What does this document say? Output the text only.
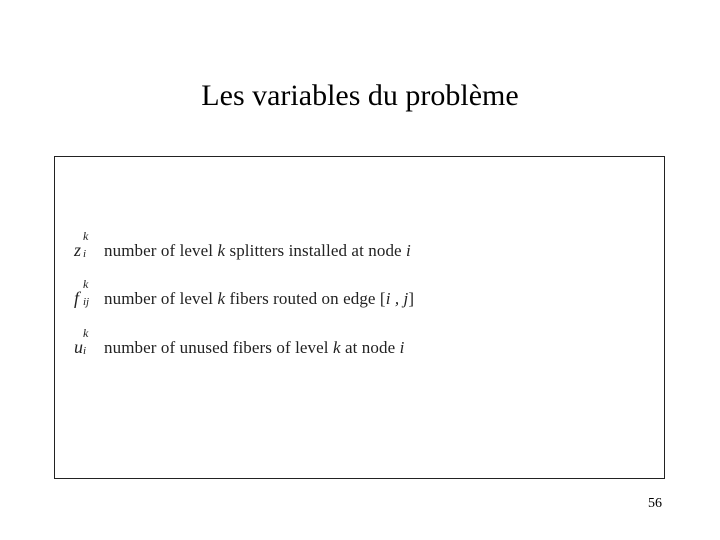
Les variables du problème
z
k
i number of level k splitters installed at node i
f
k
ij number of level k fibers routed on edge [i , j]
u
k
i number of unused fibers of level k at node i
56
